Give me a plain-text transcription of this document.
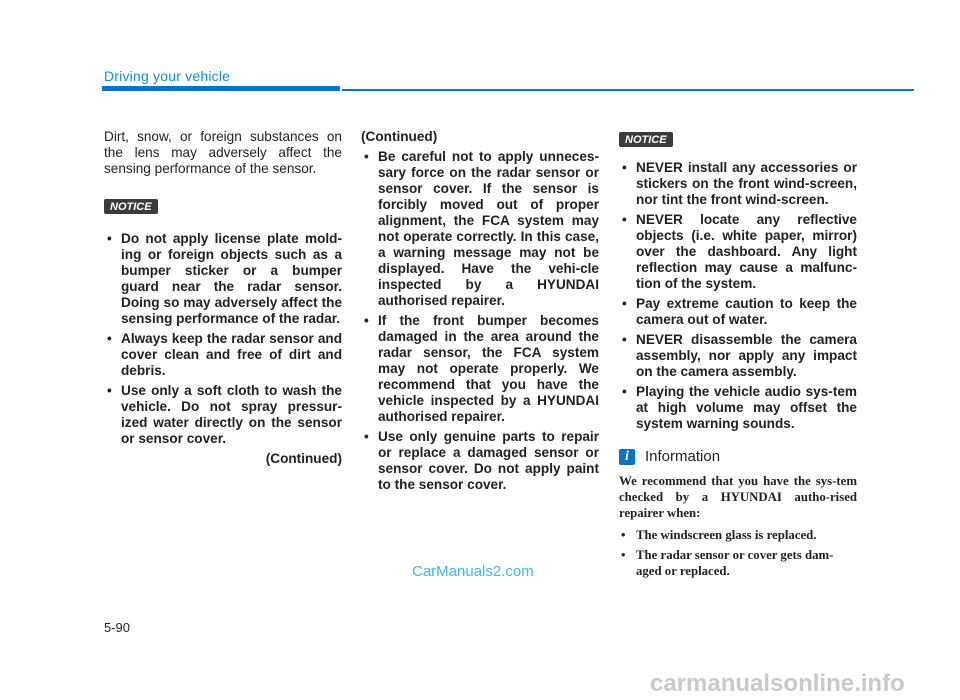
Driving your vehicle

Dirt, snow, or foreign substances on the lens may adversely affect the sensing performance of the sensor.

NOTICE
• Do not apply license plate mold-ing or foreign objects such as a bumper sticker or a bumper guard near the radar sensor. Doing so may adversely affect the sensing performance of the radar.
• Always keep the radar sensor and cover clean and free of dirt and debris.
• Use only a soft cloth to wash the vehicle. Do not spray pressur-ized water directly on the sensor or sensor cover.
(Continued)
(Continued)
• Be careful not to apply unneces-sary force on the radar sensor or sensor cover. If the sensor is forcibly moved out of proper alignment, the FCA system may not operate correctly. In this case, a warning message may not be displayed. Have the vehi-cle inspected by a HYUNDAI authorised repairer.
• If the front bumper becomes damaged in the area around the radar sensor, the FCA system may not operate properly. We recommend that you have the vehicle inspected by a HYUNDAI authorised repairer.
• Use only genuine parts to repair or replace a damaged sensor or sensor cover. Do not apply paint to the sensor cover.
NOTICE
• NEVER install any accessories or stickers on the front wind-screen, nor tint the front wind-screen.
• NEVER locate any reflective objects (i.e. white paper, mirror) over the dashboard. Any light reflection may cause a malfunc-tion of the system.
• Pay extreme caution to keep the camera out of water.
• NEVER disassemble the camera assembly, nor apply any impact on the camera assembly.
• Playing the vehicle audio sys-tem at high volume may offset the system warning sounds.
i	Information

We recommend that you have the sys-tem checked by a HYUNDAI autho-rised repairer when:

• The windscreen glass is replaced.
• The radar sensor or cover gets dam-aged or replaced.
5-90
CarManuals2.com
carmanualsonline.info
